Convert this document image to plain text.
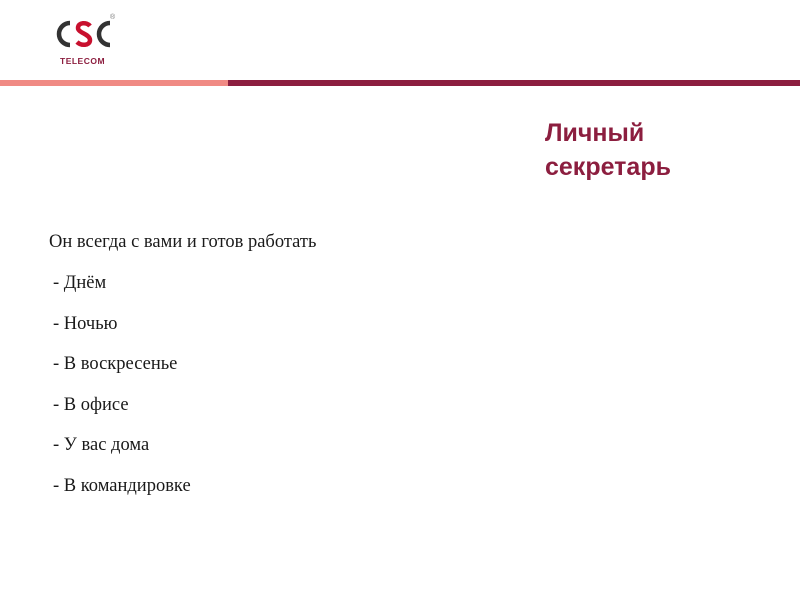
®
TELECOM
Личный
секретарь
Он всегда с вами и готов работать
- Днём
- Ночью
- В воскресенье
- В офисе
- У вас дома
- В командировке
